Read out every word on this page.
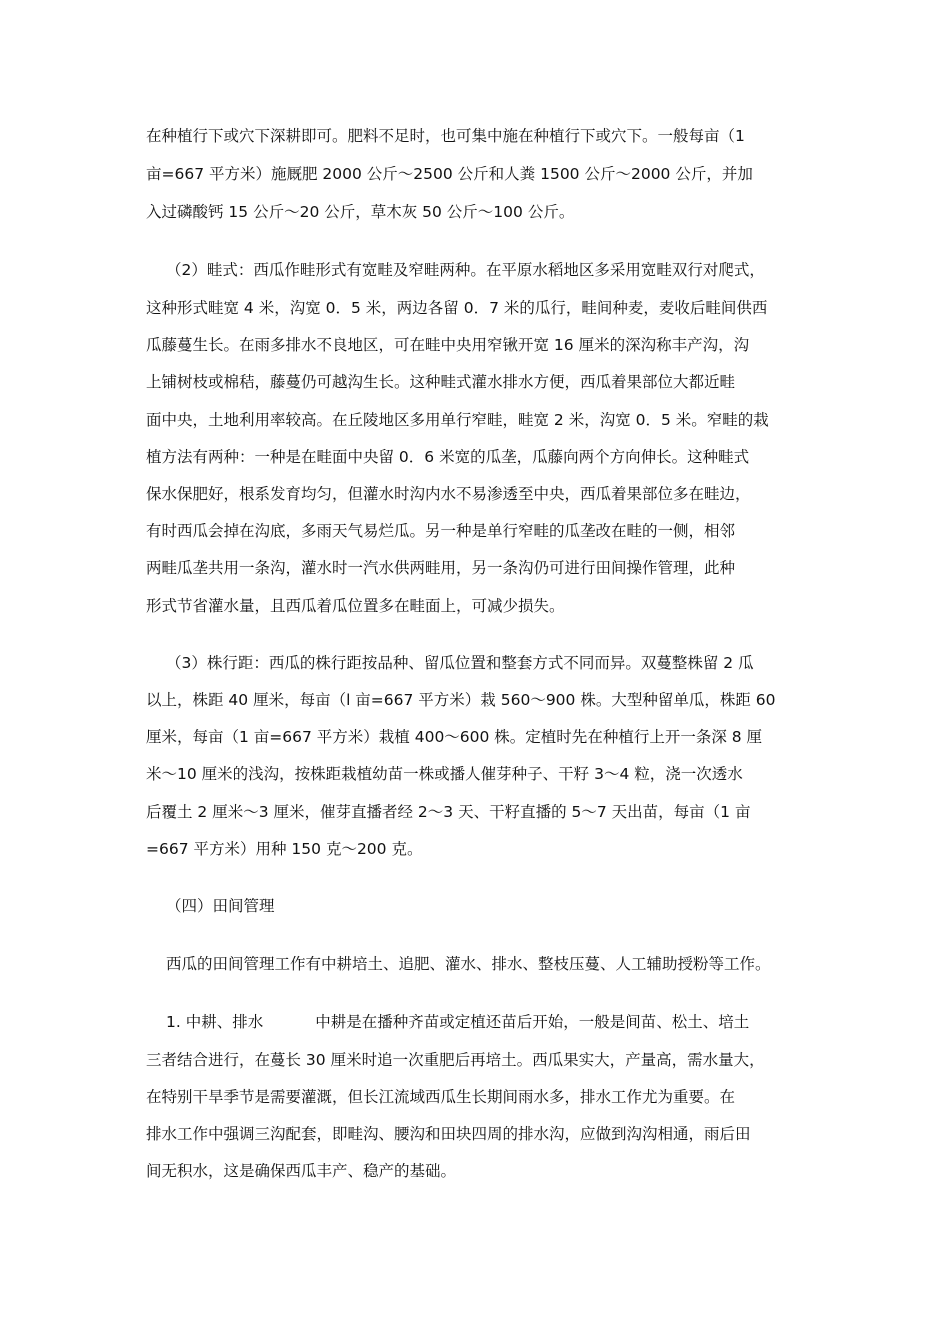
在种植行下或穴下深耕即可。肥料不足时，也可集中施在种植行下或穴下。一般每亩（1
亩=667 平方米）施厩肥 2000 公斤～2500 公斤和人粪 1500 公斤～2000 公斤，并加
入过磷酸钙 15 公斤～20 公斤，草木灰 50 公斤～100 公斤。
（2）畦式：西瓜作畦形式有宽畦及窄畦两种。在平原水稻地区多采用宽畦双行对爬式，
这种形式畦宽 4 米，沟宽 0．5 米，两边各留 0．7 米的瓜行，畦间种麦，麦收后畦间供西
瓜藤蔓生长。在雨多排水不良地区，可在畦中央用窄锹开宽 16 厘米的深沟称丰产沟，沟
上铺树枝或棉秸，藤蔓仍可越沟生长。这种畦式灌水排水方便，西瓜着果部位大都近畦
面中央，土地利用率较高。在丘陵地区多用单行窄畦，畦宽 2 米，沟宽 0．5 米。窄畦的栽
植方法有两种：一种是在畦面中央留 0．6 米宽的瓜垄，瓜藤向两个方向伸长。这种畦式
保水保肥好，根系发育均匀，但灌水时沟内水不易渗透至中央，西瓜着果部位多在畦边，
有时西瓜会掉在沟底，多雨天气易烂瓜。另一种是单行窄畦的瓜垄改在畦的一侧，相邻
两畦瓜垄共用一条沟，灌水时一汽水供两畦用，另一条沟仍可进行田间操作管理，此种
形式节省灌水量，且西瓜着瓜位置多在畦面上，可减少损失。
（3）株行距：西瓜的株行距按品种、留瓜位置和整套方式不同而异。双蔓整株留 2 瓜
以上，株距 40 厘米，每亩（l 亩=667 平方米）栽 560～900 株。大型种留单瓜，株距 60
厘米，每亩（1 亩=667 平方米）栽植 400～600 株。定植时先在种植行上开一条深 8 厘
米～10 厘米的浅沟，按株距栽植幼苗一株或播人催芽种子、干籽 3～4 粒，浇一次透水
后覆土 2 厘米～3 厘米，催芽直播者经 2～3 天、干籽直播的 5～7 天出苗，每亩（1 亩
=667 平方米）用种 150 克～200 克。
（四）田间管理
西瓜的田间管理工作有中耕培土、追肥、灌水、排水、整枝压蔓、人工辅助授粉等工作。
1. 中耕、排水	中耕是在播种齐苗或定植还苗后开始，一般是间苗、松土、培土
三者结合进行，在蔓长 30 厘米时追一次重肥后再培土。西瓜果实大，产量高，需水量大，
在特别干旱季节是需要灌溉，但长江流域西瓜生长期间雨水多，排水工作尤为重要。在
排水工作中强调三沟配套，即畦沟、腰沟和田块四周的排水沟，应做到沟沟相通，雨后田
间无积水，这是确保西瓜丰产、稳产的基础。
